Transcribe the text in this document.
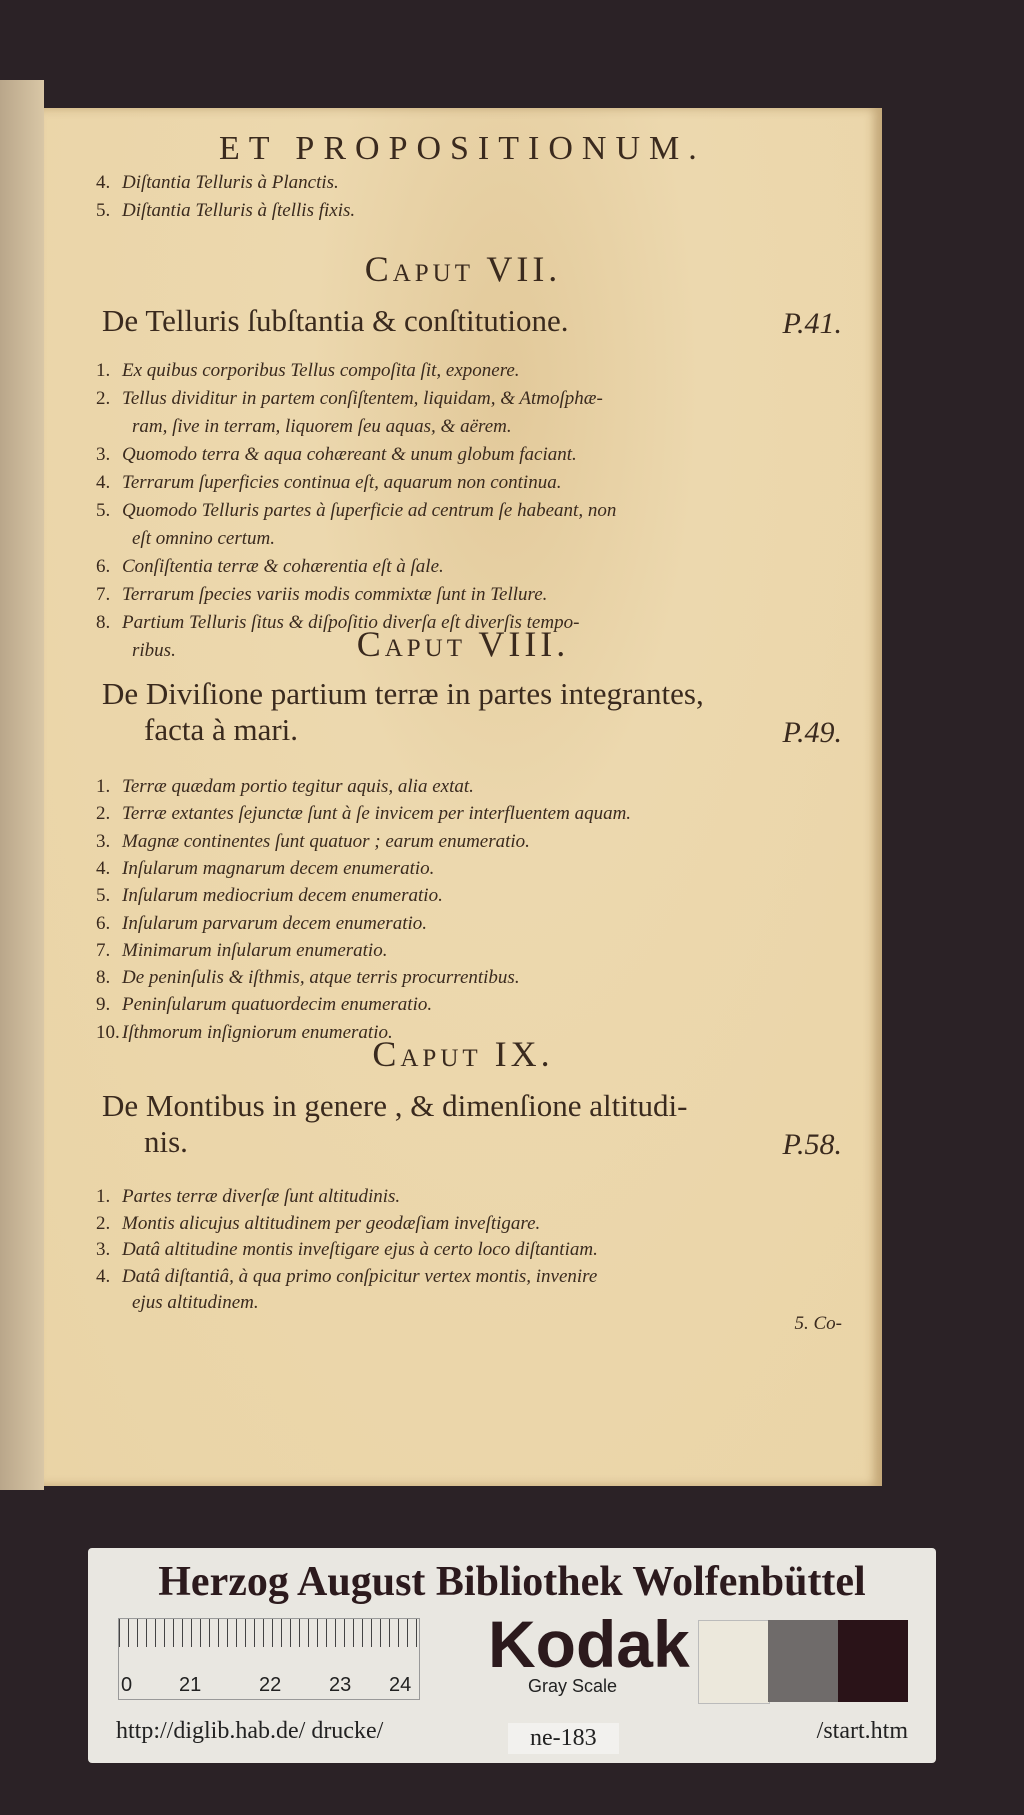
ET PROPOSITIONUM.
4. Diſtantia Telluris à Planctis.
5. Diſtantia Telluris à ſtellis fixis.
5. Co-
Caput VII.
De Telluris ſubſtantia & conſtitutione.	P.41.
1. Ex quibus corporibus Tellus compoſita ſit, exponere.
2. Tellus dividitur in partem conſiſtentem, liquidam, & Atmoſphæ-
ram, ſive in terram, liquorem ſeu aquas, & aërem.
3. Quomodo terra & aqua cohæreant & unum globum faciant.
4. Terrarum ſuperficies continua eſt, aquarum non continua.
5. Quomodo Telluris partes à ſuperficie ad centrum ſe habeant, non
eſt omnino certum.
6. Conſiſtentia terræ & cohærentia eſt à ſale.
7. Terrarum ſpecies variis modis commixtæ ſunt in Tellure.
8. Partium Telluris ſitus & diſpoſitio diverſa eſt diverſis tempo-
ribus.	Caput VIII.
De Diviſione partium terræ in partes integrantes,
facta à mari.	P.49.
1. Terræ quædam portio tegitur aquis, alia extat.
2. Terræ extantes ſejunctæ ſunt à ſe invicem per interfluentem aquam.
3. Magnæ continentes ſunt quatuor ; earum enumeratio.
4. Inſularum magnarum decem enumeratio.
5. Inſularum mediocrium decem enumeratio.
6. Inſularum parvarum decem enumeratio.
7. Minimarum inſularum enumeratio.
8. De peninſulis & iſthmis, atque terris procurrentibus.
9. Peninſularum quatuordecim enumeratio.
10. Iſthmorum inſigniorum enumeratio.
Caput IX.
De Montibus in genere , & dimenſione altitudi-
nis.	P.58.
1. Partes terræ diverſæ ſunt altitudinis.
2. Montis alicujus altitudinem per geodæſiam inveſtigare.
3. Datâ altitudine montis inveſtigare ejus à certo loco diſtantiam.
4. Datâ diſtantiâ, à qua primo conſpicitur vertex montis, invenire
ejus altitudinem.
Herzog August Bibliothek Wolfenbüttel
0 21	22 23 24
Kodak
Gray Scale
http://diglib.hab.de/ drucke/	ne-183	/start.htm
